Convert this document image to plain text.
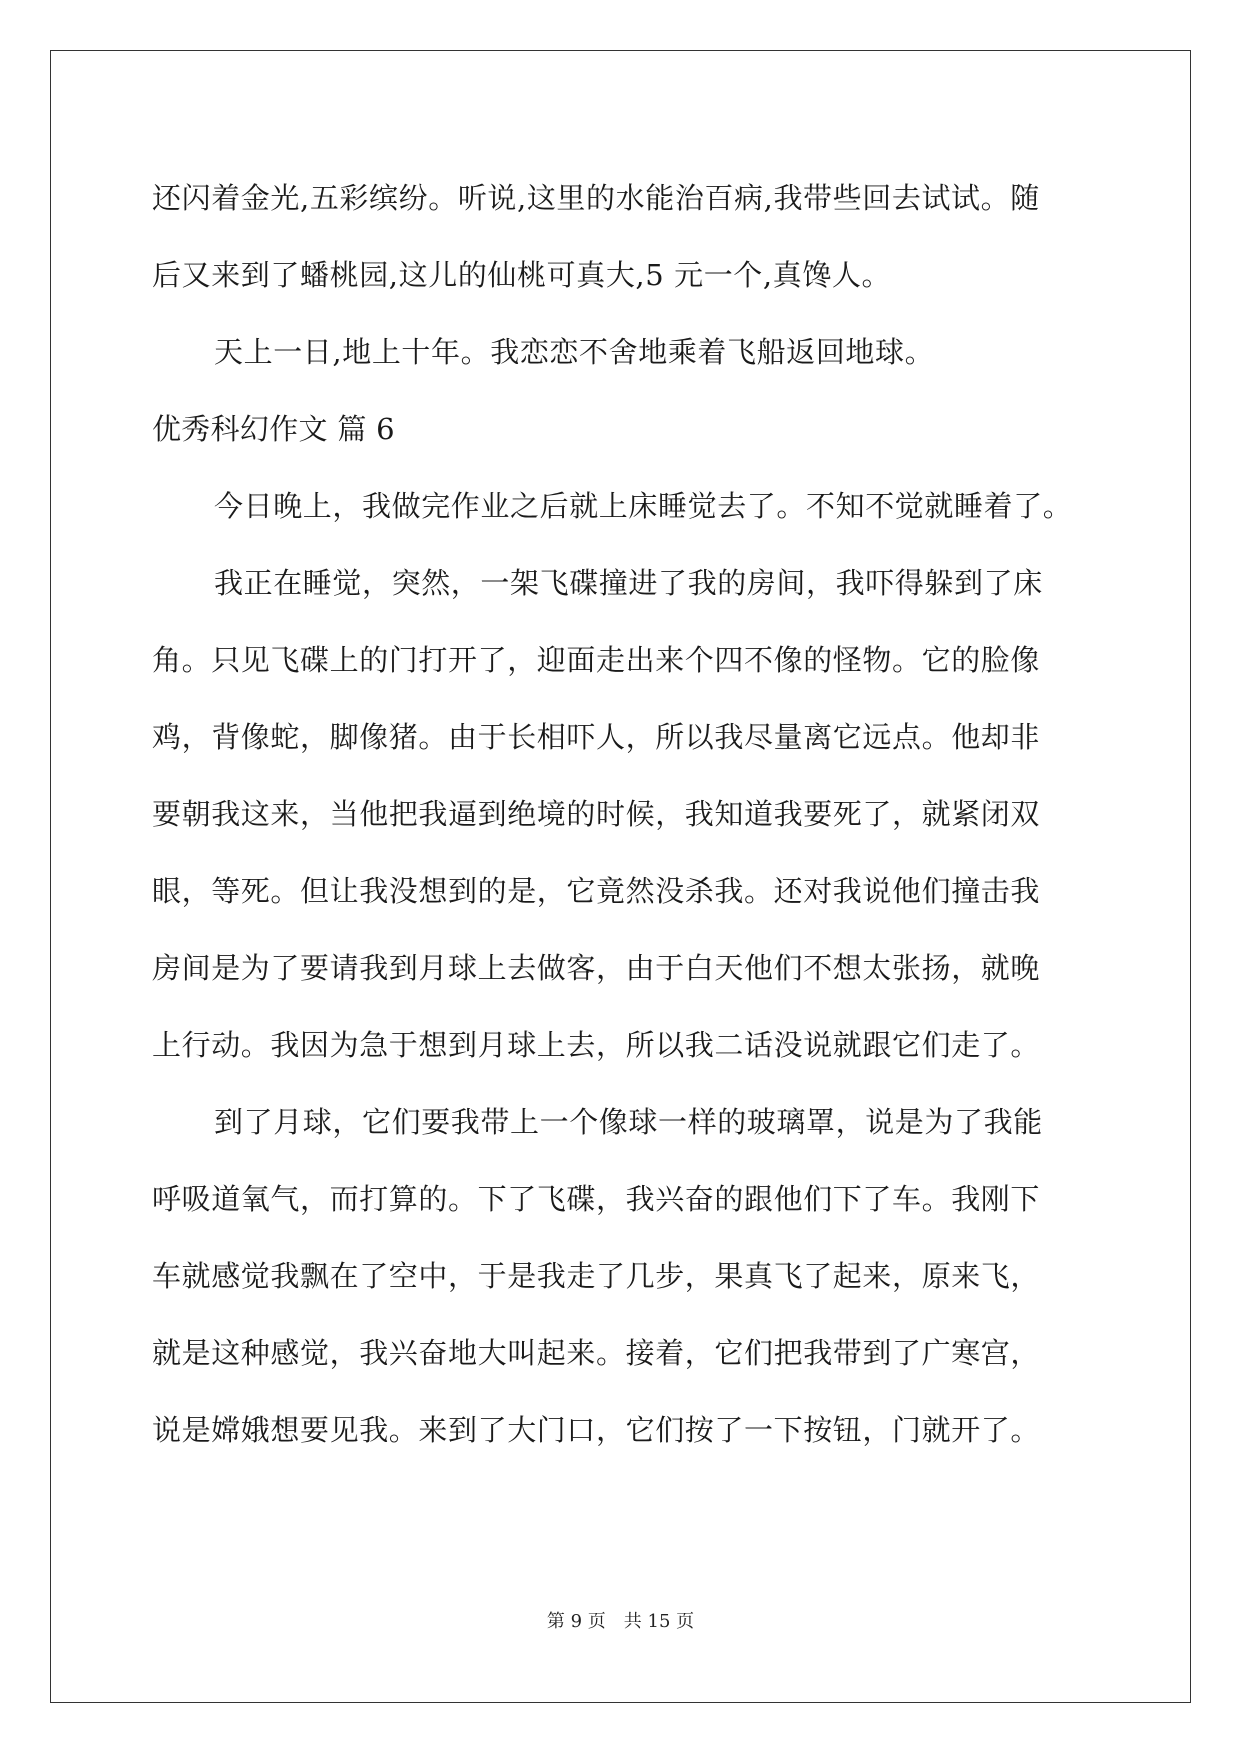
还闪着金光,五彩缤纷。听说,这里的水能治百病,我带些回去试试。随
后又来到了蟠桃园,这儿的仙桃可真大,5 元一个,真馋人。
天上一日,地上十年。我恋恋不舍地乘着飞船返回地球。
优秀科幻作文 篇 6
今日晚上，我做完作业之后就上床睡觉去了。不知不觉就睡着了。
我正在睡觉，突然，一架飞碟撞进了我的房间，我吓得躲到了床
角。只见飞碟上的门打开了，迎面走出来个四不像的怪物。它的脸像
鸡，背像蛇，脚像猪。由于长相吓人，所以我尽量离它远点。他却非
要朝我这来，当他把我逼到绝境的时候，我知道我要死了，就紧闭双
眼，等死。但让我没想到的是，它竟然没杀我。还对我说他们撞击我
房间是为了要请我到月球上去做客，由于白天他们不想太张扬，就晚
上行动。我因为急于想到月球上去，所以我二话没说就跟它们走了。
到了月球，它们要我带上一个像球一样的玻璃罩，说是为了我能
呼吸道氧气，而打算的。下了飞碟，我兴奋的跟他们下了车。我刚下
车就感觉我飘在了空中，于是我走了几步，果真飞了起来，原来飞，
就是这种感觉，我兴奋地大叫起来。接着，它们把我带到了广寒宫，
说是嫦娥想要见我。来到了大门口，它们按了一下按钮，门就开了。
第 9 页 共 15 页
